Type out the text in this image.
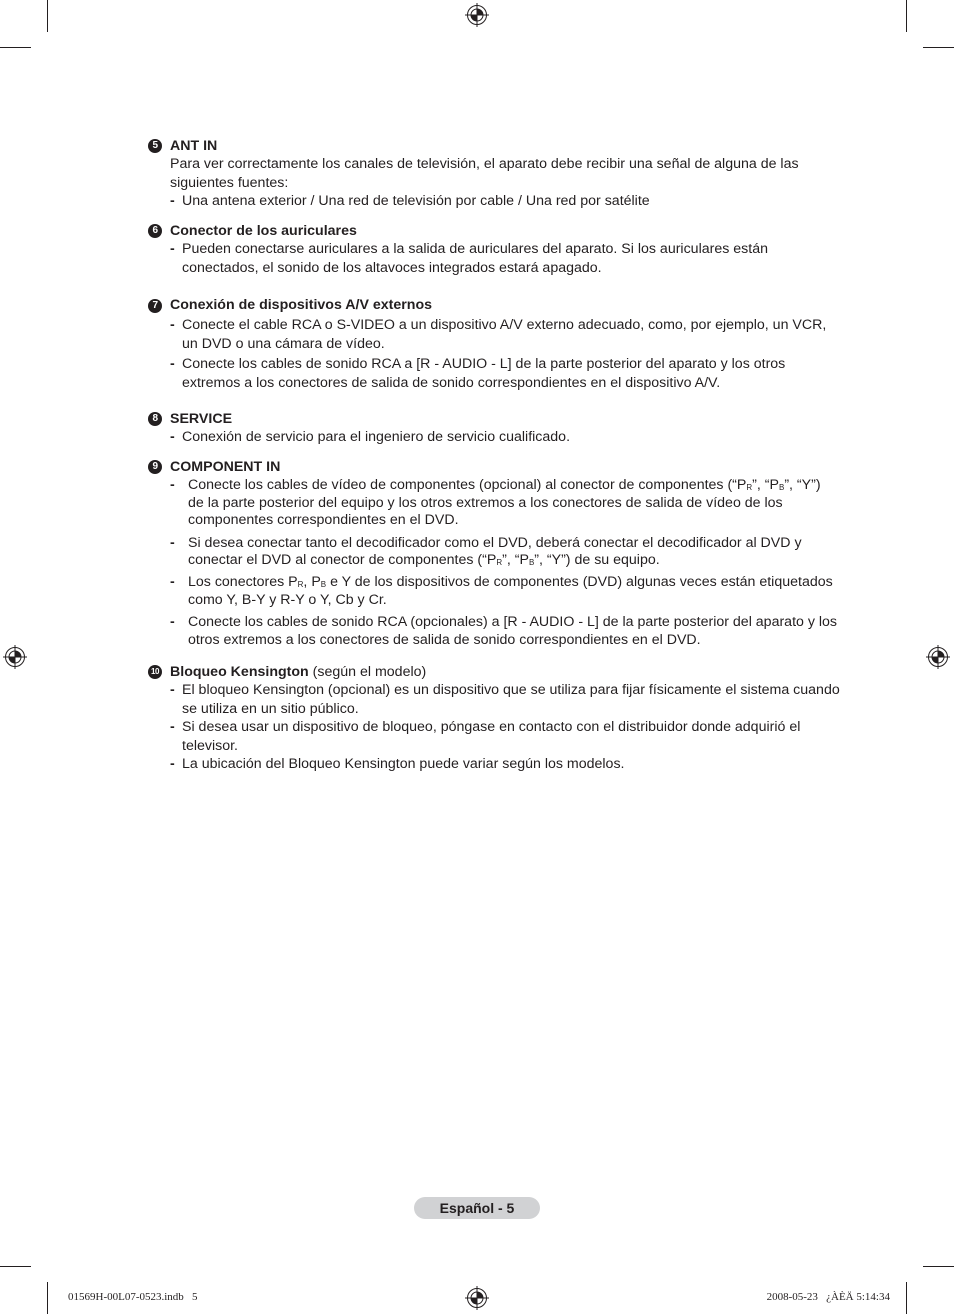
5 ANT IN
Para ver correctamente los canales de televisión, el aparato debe recibir una señal de alguna de las siguientes fuentes:
- Una antena exterior / Una red de televisión por cable / Una red por satélite
6 Conector de los auriculares
- Pueden conectarse auriculares a la salida de auriculares del aparato. Si los auriculares están conectados, el sonido de los altavoces integrados estará apagado.
7 Conexión de dispositivos A/V externos
- Conecte el cable RCA o S-VIDEO a un dispositivo A/V externo adecuado, como, por ejemplo, un VCR, un DVD o una cámara de vídeo.
- Conecte los cables de sonido RCA a [R - AUDIO - L] de la parte posterior del aparato y los otros extremos a los conectores de salida de sonido correspondientes en el dispositivo A/V.
8 SERVICE
- Conexión de servicio para el ingeniero de servicio cualificado.
9 COMPONENT IN
- Conecte los cables de vídeo de componentes (opcional) al conector de componentes (“$P_R$”, “$P_B$”, “Y”) de la parte posterior del equipo y los otros extremos a los conectores de salida de vídeo de los componentes correspondientes en el DVD.
- Si desea conectar tanto el decodificador como el DVD, deberá conectar el decodificador al DVD y conectar el DVD al conector de componentes (“$P_R$”, “$P_B$”, “Y”) de su equipo.
- Los conectores $P_R$, $P_B$ e Y de los dispositivos de componentes (DVD) algunas veces están etiquetados como Y, B-Y y R-Y o Y, Cb y Cr.
- Conecte los cables de sonido RCA (opcionales) a [R - AUDIO - L] de la parte posterior del aparato y los otros extremos a los conectores de salida de sonido correspondientes en el DVD.
10 Bloqueo Kensington (según el modelo)
- El bloqueo Kensington (opcional) es un dispositivo que se utiliza para fijar físicamente el sistema cuando se utiliza en un sitio público.
- Si desea usar un dispositivo de bloqueo, póngase en contacto con el distribuidor donde adquirió el televisor.
- La ubicación del Bloqueo Kensington puede variar según los modelos.
Español - 5
01569H-00L07-0523.indb   5	2008-05-23   ¿ÀÈÄ 5:14:34
